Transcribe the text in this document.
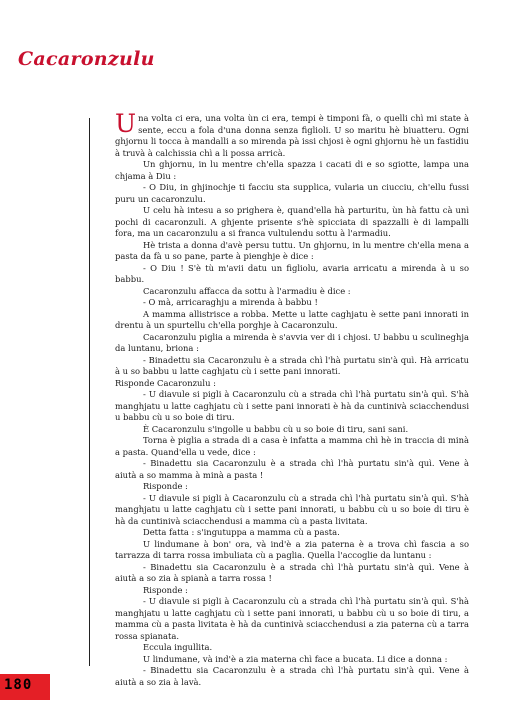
Cacaronzulu

Una volta ci era, una volta ùn ci era, tempi è timponi fà, o quelli chì mi state à sente, eccu a fola d'una donna senza figlioli. U so maritu hè biuatteru. Ogni ghjornu li tocca à mandalli a so mirenda pà issi chjosi è ogni ghjornu hè un fastidiu à truvà à calchissia chì a li possa arricà.

Un ghjornu, in lu mentre ch'ella spazza i cacati di e so sgiotte, lampa una chjama à Diu :

- O Diu, in ghjinochje ti facciu sta supplica, vularia un ciucciu, ch'ellu fussi puru un cacaronzulu.

U celu hà intesu a so prighera è, quand'ella hà parturitu, ùn hà fattu cà unì pochi di cacaronzuli. A ghjente prisente s'hè spicciata di spazzalli è di lampalli fora, ma un cacaronzulu a si franca vultulendu sottu à l'armadiu.

Hè trista a donna d'avè persu tuttu. Un ghjornu, in lu mentre ch'ella mena a pasta da fà u so pane, parte à pienghje è dice :

- O Diu ! S'è tù m'avii datu un figliolu, avaria arricatu a mirenda à u so babbu.

Cacaronzulu affacca da sottu à l'armadiu è dice :

- O mà, arricaraghju a mirenda à babbu !

A mamma allistrisce a robba. Mette u latte caghjatu è sette pani innorati in drentu à un spurtellu ch'ella porghje à Cacaronzulu.

Cacaronzulu piglia a mirenda è s'avvia ver di i chjosi. U babbu u sculineghja da luntanu, briona :

- Binadettu sia Cacaronzulu è a strada chì l'hà purtatu sin'à quì. Hà arricatu à u so babbu u latte caghjatu cù i sette pani innorati.

Risponde Cacaronzulu :

- U diavule si pigli à Cacaronzulu cù a strada chì l'hà purtatu sin'à quì. S'hà manghjatu u latte caghjatu cù i sette pani innorati è hà da cuntinivà sciacchendusi u babbu cù u so boie di tiru.

È Cacaronzulu s'ingolle u babbu cù u so boie di tiru, sani sani.

Torna è piglia a strada di a casa è infatta a mamma chì hè in traccia di minà a pasta. Quand'ella u vede, dice :

- Binadettu sia Cacaronzulu è a strada chì l'hà purtatu sin'à quì. Vene à aiutà a so mamma à minà a pasta !

Risponde :

- U diavule si pigli à Cacaronzulu cù a strada chì l'hà purtatu sin'à quì. S'hà manghjatu u latte caghjatu cù i sette pani innorati, u babbu cù u so boie di tiru è hà da cuntinivà sciacchendusi a mamma cù a pasta livitata.

Detta fatta : s'ingutuppa a mamma cù a pasta.

U lindumane à bon' ora, và ind'è a zia paterna è a trova chì fascia a so tarrazza di tarra rossa imbuliata cù a paglia. Quella l'accoglie da luntanu :

- Binadettu sia Cacaronzulu è a strada chì l'hà purtatu sin'à quì. Vene à aiutà a so zia à spianà a tarra rossa !

Risponde :

- U diavule si pigli à Cacaronzulu cù a strada chì l'hà purtatu sin'à quì. S'hà manghjatu u latte caghjatu cù i sette pani innorati, u babbu cù u so boie di tiru, a mamma cù a pasta livitata è hà da cuntinivà sciacchendusi a zia paterna cù a tarra rossa spianata.

Eccula ingullita.

U lindumane, và ind'è a zia materna chì face a bucata. Li dice a donna :

- Binadettu sia Cacaronzulu è a strada chì l'hà purtatu sin'à quì. Vene à aiutà a so zia à lavà.

180
